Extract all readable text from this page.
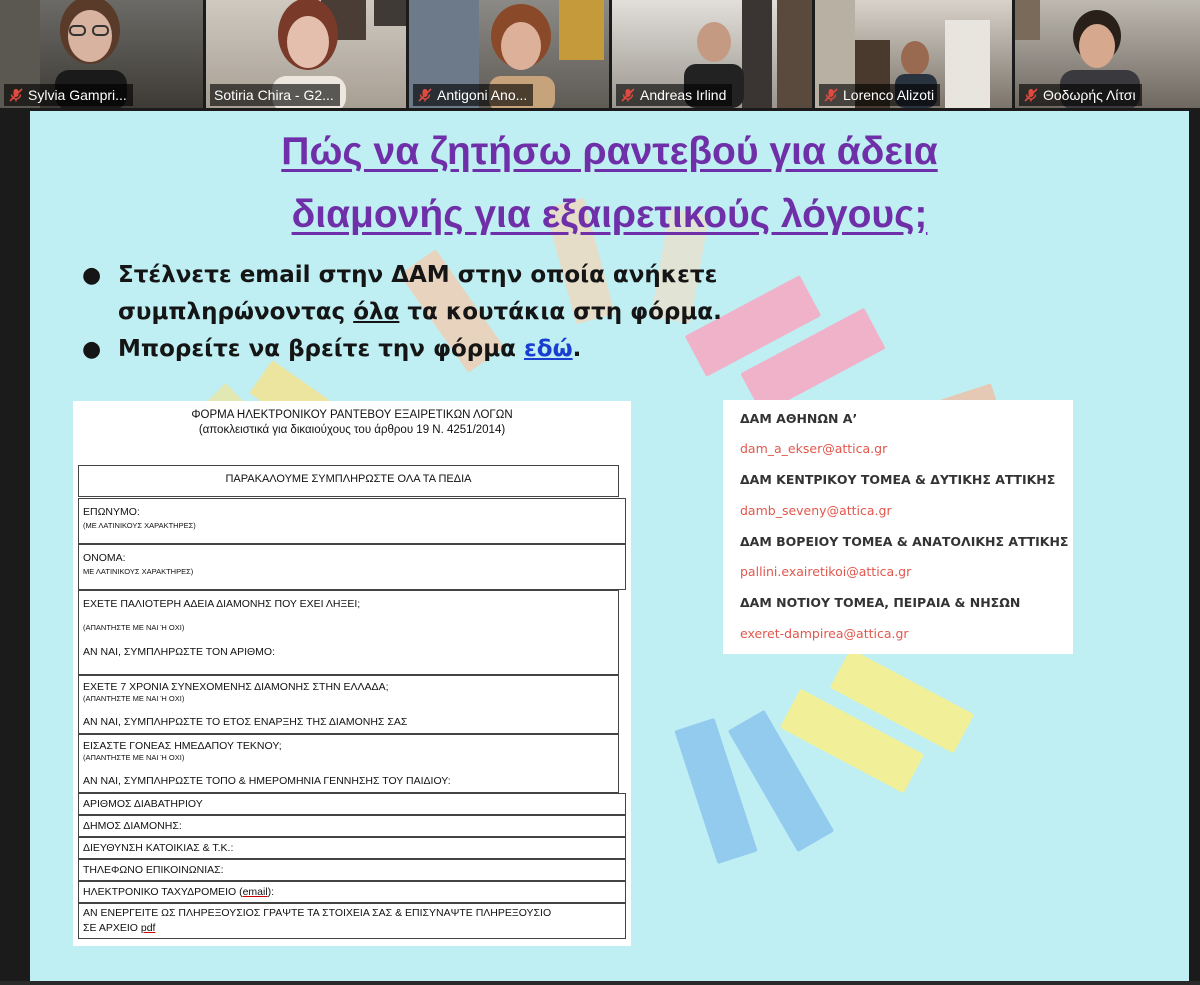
Sylvia Gampri...	Sotiria Chira - G2...	Antigoni Ano...	Andreas Irlind	Lorenco Alizoti	Θοδωρής Λίτσι
Πώς να ζητήσω ραντεβού για άδεια
διαμονής για εξαιρετικούς λόγους;
● Στέλνετε email στην ΔΑΜ στην οποία ανήκετε
συμπληρώνοντας όλα τα κουτάκια στη φόρμα.
● Μπορείτε να βρείτε την φόρμα εδώ.
ΦΟΡΜΑ ΗΛΕΚΤΡΟΝΙΚΟΥ ΡΑΝΤΕΒΟΥ ΕΞΑΙΡΕΤΙΚΩΝ ΛΟΓΩΝ
(αποκλειστικά για δικαιούχους του άρθρου 19 Ν. 4251/2014)
ΠΑΡΑΚΑΛΟΥΜΕ ΣΥΜΠΛΗΡΩΣΤΕ ΟΛΑ ΤΑ ΠΕΔΙΑ
ΕΠΩΝΥΜΟ:
(ΜΕ ΛΑΤΙΝΙΚΟΥΣ ΧΑΡΑΚΤΗΡΕΣ)
ΟΝΟΜΑ:
ΜΕ ΛΑΤΙΝΙΚΟΥΣ ΧΑΡΑΚΤΗΡΕΣ)
ΕΧΕΤΕ ΠΑΛΙΟΤΕΡΗ ΑΔΕΙΑ ΔΙΑΜΟΝΗΣ ΠΟΥ ΕΧΕΙ ΛΗΞΕΙ;
(ΑΠΑΝΤΗΣΤΕ ΜΕ ΝΑΙ Ή ΟΧΙ)
ΑΝ ΝΑΙ, ΣΥΜΠΛΗΡΩΣΤΕ ΤΟΝ ΑΡΙΘΜΟ:
ΕΧΕΤΕ 7 ΧΡΟΝΙΑ ΣΥΝΕΧΟΜΕΝΗΣ ΔΙΑΜΟΝΗΣ ΣΤΗΝ ΕΛΛΑΔΑ;
(ΑΠΑΝΤΗΣΤΕ ΜΕ ΝΑΙ Ή ΟΧΙ)
ΑΝ ΝΑΙ, ΣΥΜΠΛΗΡΩΣΤΕ ΤΟ ΕΤΟΣ ΕΝΑΡΞΗΣ ΤΗΣ ΔΙΑΜΟΝΗΣ ΣΑΣ
ΕΙΣΑΣΤΕ ΓΟΝΕΑΣ ΗΜΕΔΑΠΟΥ ΤΕΚΝΟΥ;
(ΑΠΑΝΤΗΣΤΕ ΜΕ ΝΑΙ Ή ΟΧΙ)
ΑΝ ΝΑΙ, ΣΥΜΠΛΗΡΩΣΤΕ ΤΟΠΟ & ΗΜΕΡΟΜΗΝΙΑ ΓΕΝΝΗΣΗΣ ΤΟΥ ΠΑΙΔΙΟΥ:
ΑΡΙΘΜΟΣ ΔΙΑΒΑΤΗΡΙΟΥ
ΔΗΜΟΣ ΔΙΑΜΟΝΗΣ:
ΔΙΕΥΘΥΝΣΗ ΚΑΤΟΙΚΙΑΣ & Τ.Κ.:
ΤΗΛΕΦΩΝΟ ΕΠΙΚΟΙΝΩΝΙΑΣ:
ΗΛΕΚΤΡΟΝΙΚΟ ΤΑΧΥΔΡΟΜΕΙΟ (email):
ΑΝ ΕΝΕΡΓΕΙΤΕ ΩΣ ΠΛΗΡΕΞΟΥΣΙΟΣ ΓΡΑΨΤΕ ΤΑ ΣΤΟΙΧΕΙΑ ΣΑΣ & ΕΠΙΣΥΝΑΨΤΕ ΠΛΗΡΕΞΟΥΣΙΟ
ΣΕ ΑΡΧΕΙΟ pdf
ΔΑΜ ΑΘΗΝΩΝ Α’
dam_a_ekser@attica.gr
ΔΑΜ ΚΕΝΤΡΙΚΟΥ ΤΟΜΕΑ & ΔΥΤΙΚΗΣ ΑΤΤΙΚΗΣ
damb_seveny@attica.gr
ΔΑΜ ΒΟΡΕΙΟΥ ΤΟΜΕΑ & ΑΝΑΤΟΛΙΚΗΣ ΑΤΤΙΚΗΣ
pallini.exairetikoi@attica.gr
ΔΑΜ ΝΟΤΙΟΥ ΤΟΜΕΑ, ΠΕΙΡΑΙΑ & ΝΗΣΩΝ
exeret-dampirea@attica.gr
